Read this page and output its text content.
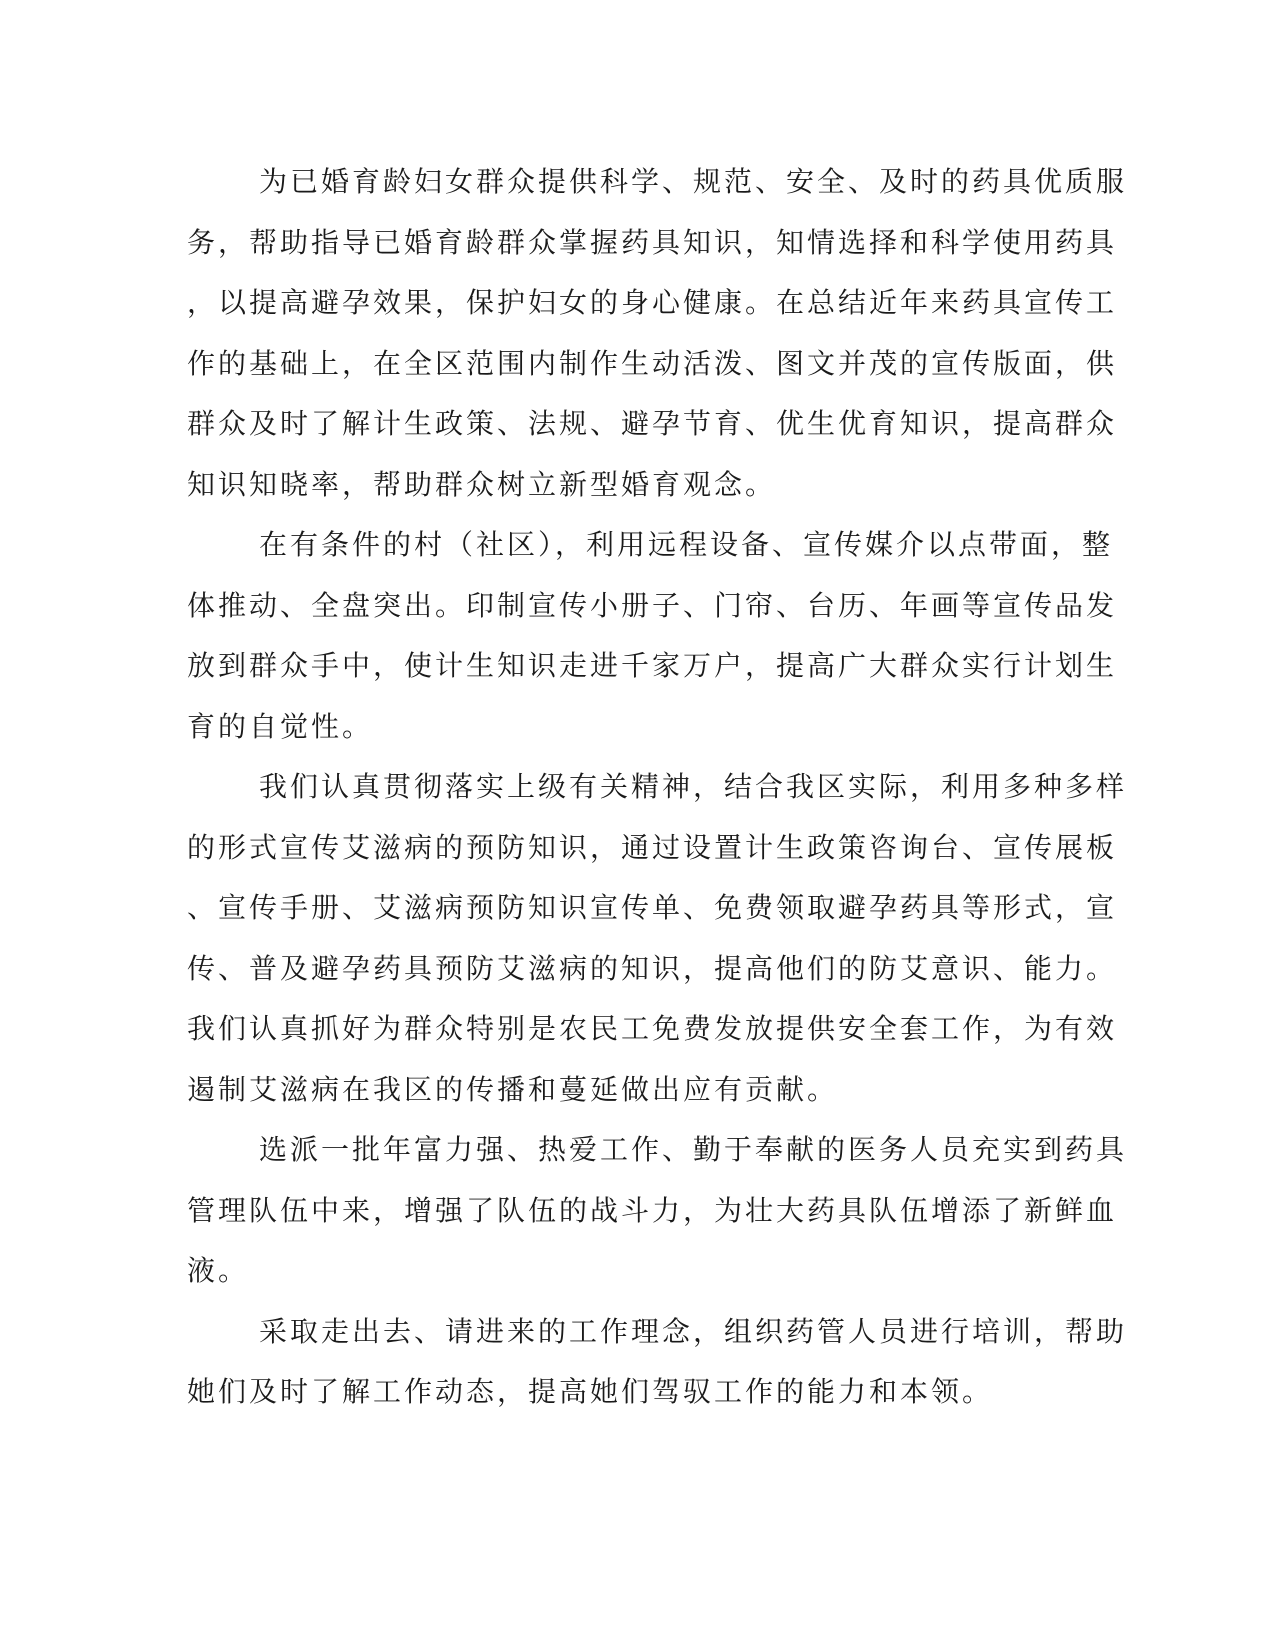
为已婚育龄妇女群众提供科学、规范、安全、及时的药具优质服
务，帮助指导已婚育龄群众掌握药具知识，知情选择和科学使用药具
，以提高避孕效果，保护妇女的身心健康。在总结近年来药具宣传工
作的基础上，在全区范围内制作生动活泼、图文并茂的宣传版面，供
群众及时了解计生政策、法规、避孕节育、优生优育知识，提高群众
知识知晓率，帮助群众树立新型婚育观念。
在有条件的村（社区），利用远程设备、宣传媒介以点带面，整
体推动、全盘突出。印制宣传小册子、门帘、台历、年画等宣传品发
放到群众手中，使计生知识走进千家万户，提高广大群众实行计划生
育的自觉性。
我们认真贯彻落实上级有关精神，结合我区实际，利用多种多样
的形式宣传艾滋病的预防知识，通过设置计生政策咨询台、宣传展板
、宣传手册、艾滋病预防知识宣传单、免费领取避孕药具等形式，宣
传、普及避孕药具预防艾滋病的知识，提高他们的防艾意识、能力。
我们认真抓好为群众特别是农民工免费发放提供安全套工作，为有效
遏制艾滋病在我区的传播和蔓延做出应有贡献。
选派一批年富力强、热爱工作、勤于奉献的医务人员充实到药具
管理队伍中来，增强了队伍的战斗力，为壮大药具队伍增添了新鲜血
液。
采取走出去、请进来的工作理念，组织药管人员进行培训，帮助
她们及时了解工作动态，提高她们驾驭工作的能力和本领。
